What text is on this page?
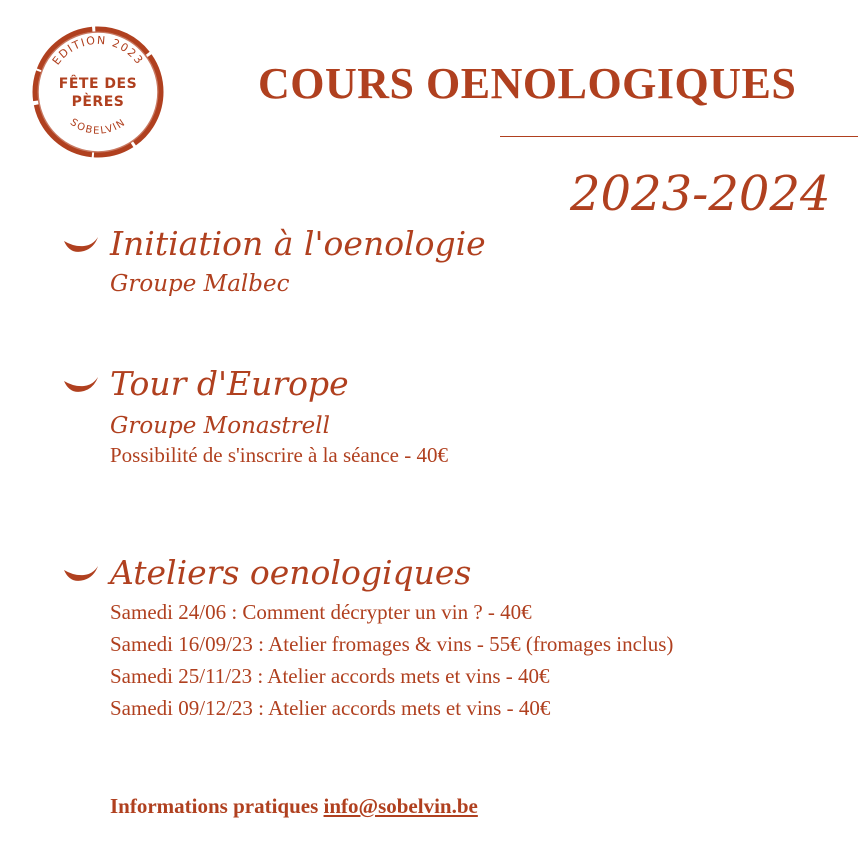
EDITION 2023
FÊTE DES
PÈRES
SOBELVIN
COURS OENOLOGIQUES
2023-2024
Initiation à l'oenologie
Groupe Malbec
Tour d'Europe
Groupe Monastrell
Possibilité de s'inscrire à la séance - 40€
Ateliers oenologiques
Samedi 24/06 : Comment décrypter un vin ? - 40€
Samedi 16/09/23 : Atelier fromages & vins - 55€ (fromages inclus)
Samedi 25/11/23 : Atelier accords mets et vins - 40€
Samedi 09/12/23 : Atelier accords mets et vins - 40€
Informations pratiques info@sobelvin.be
